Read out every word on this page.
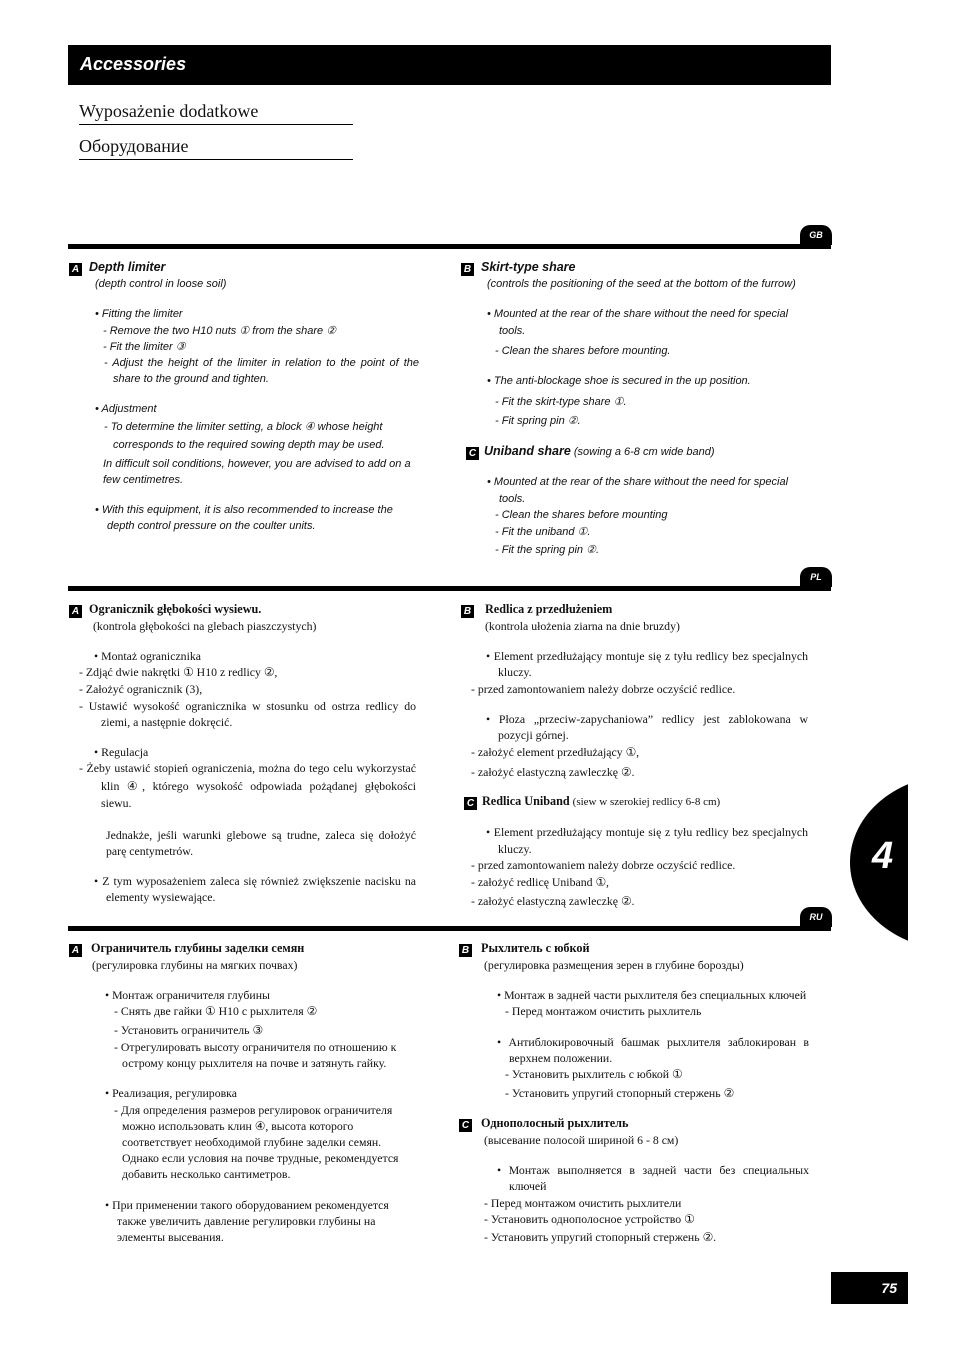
Accessories
Wyposażenie dodatkowe
Оборудование
GB
A Depth limiter
(depth control in loose soil)
• Fitting the limiter
- Remove the two H10 nuts ① from the share ②
- Fit the limiter ③
- Adjust the height of the limiter in relation to the point of the share to the ground and tighten.
• Adjustment
- To determine the limiter setting, a block ④ whose height corresponds to the required sowing depth may be used.
In difficult soil conditions, however, you are advised to add on a few centimetres.
• With this equipment, it is also recommended to increase the depth control pressure on the coulter units.
B Skirt-type share
(controls the positioning of the seed at the bottom of the furrow)
• Mounted at the rear of the share without the need for special tools.
- Clean the shares before mounting.
• The anti-blockage shoe is secured in the up position.
- Fit the skirt-type share ①.
- Fit spring pin ②.
C Uniband share (sowing a 6-8 cm wide band)
• Mounted at the rear of the share without the need for special tools.
- Clean the shares before mounting
- Fit the uniband ①.
- Fit the spring pin ②.
PL
A Ogranicznik głębokości wysiewu.
(kontrola głębokości na glebach piaszczystych)
• Montaż ogranicznika
- Zdjąć dwie nakrętki ① H10 z redlicy ②,
- Założyć ogranicznik (3),
- Ustawić wysokość ogranicznika w stosunku od ostrza redlicy do ziemi, a następnie dokręcić.
• Regulacja
- Żeby ustawić stopień ograniczenia, można do tego celu wykorzystać klin ④, którego wysokość odpowiada pożądanej głębokości siewu.
Jednakże, jeśli warunki glebowe są trudne, zaleca się dołożyć parę centymetrów.
• Z tym wyposażeniem zaleca się również zwiększenie nacisku na elementy wysiewające.
B Redlica z przedłużeniem
(kontrola ułożenia ziarna na dnie bruzdy)
• Element przedłużający montuje się z tyłu redlicy bez specjalnych kluczy.
- przed zamontowaniem należy dobrze oczyścić redlice.
• Płoza „przeciw-zapychaniowa” redlicy jest zablokowana w pozycji górnej.
- założyć element przedłużający ①,
- założyć elastyczną zawleczkę ②.
C Redlica Uniband (siew w szerokiej redlicy 6-8 cm)
• Element przedłużający montuje się z tyłu redlicy bez specjalnych kluczy.
- przed zamontowaniem należy dobrze oczyścić redlice.
- założyć redlicę Uniband ①,
- założyć elastyczną zawleczkę ②.
RU
A Ограничитель глубины заделки семян
(регулировка глубины на мягких почвах)
• Монтаж ограничителя глубины
- Снять две гайки ① H10 с рыхлителя ②
- Установить ограничитель ③
- Отрегулировать высоту ограничителя по отношению к острому концу рыхлителя на почве и затянуть гайку.
• Реализация, регулировка
- Для определения размеров регулировок ограничителя можно использовать клин ④, высота которого соответствует необходимой глубине заделки семян. Однако если условия на почве трудные, рекомендуется добавить несколько сантиметров.
• При применении такого оборудованием рекомендуется также увеличить давление регулировки глубины на элементы высевания.
B Рыхлитель с юбкой
(регулировка размещения зерен в глубине борозды)
• Монтаж в задней части рыхлителя без специальных ключей
- Перед монтажом очистить рыхлитель
• Антиблокировочный башмак рыхлителя заблокирован в верхнем положении.
- Установить рыхлитель с юбкой ①
- Установить упругий стопорный стержень ②
C Однополосный рыхлитель
(высевание полосой шириной 6 - 8 см)
• Монтаж выполняется в задней части без специальных ключей
- Перед монтажом очистить рыхлители
- Установить однополосное устройство ①
- Установить упругий стопорный стержень ②.
4
75
